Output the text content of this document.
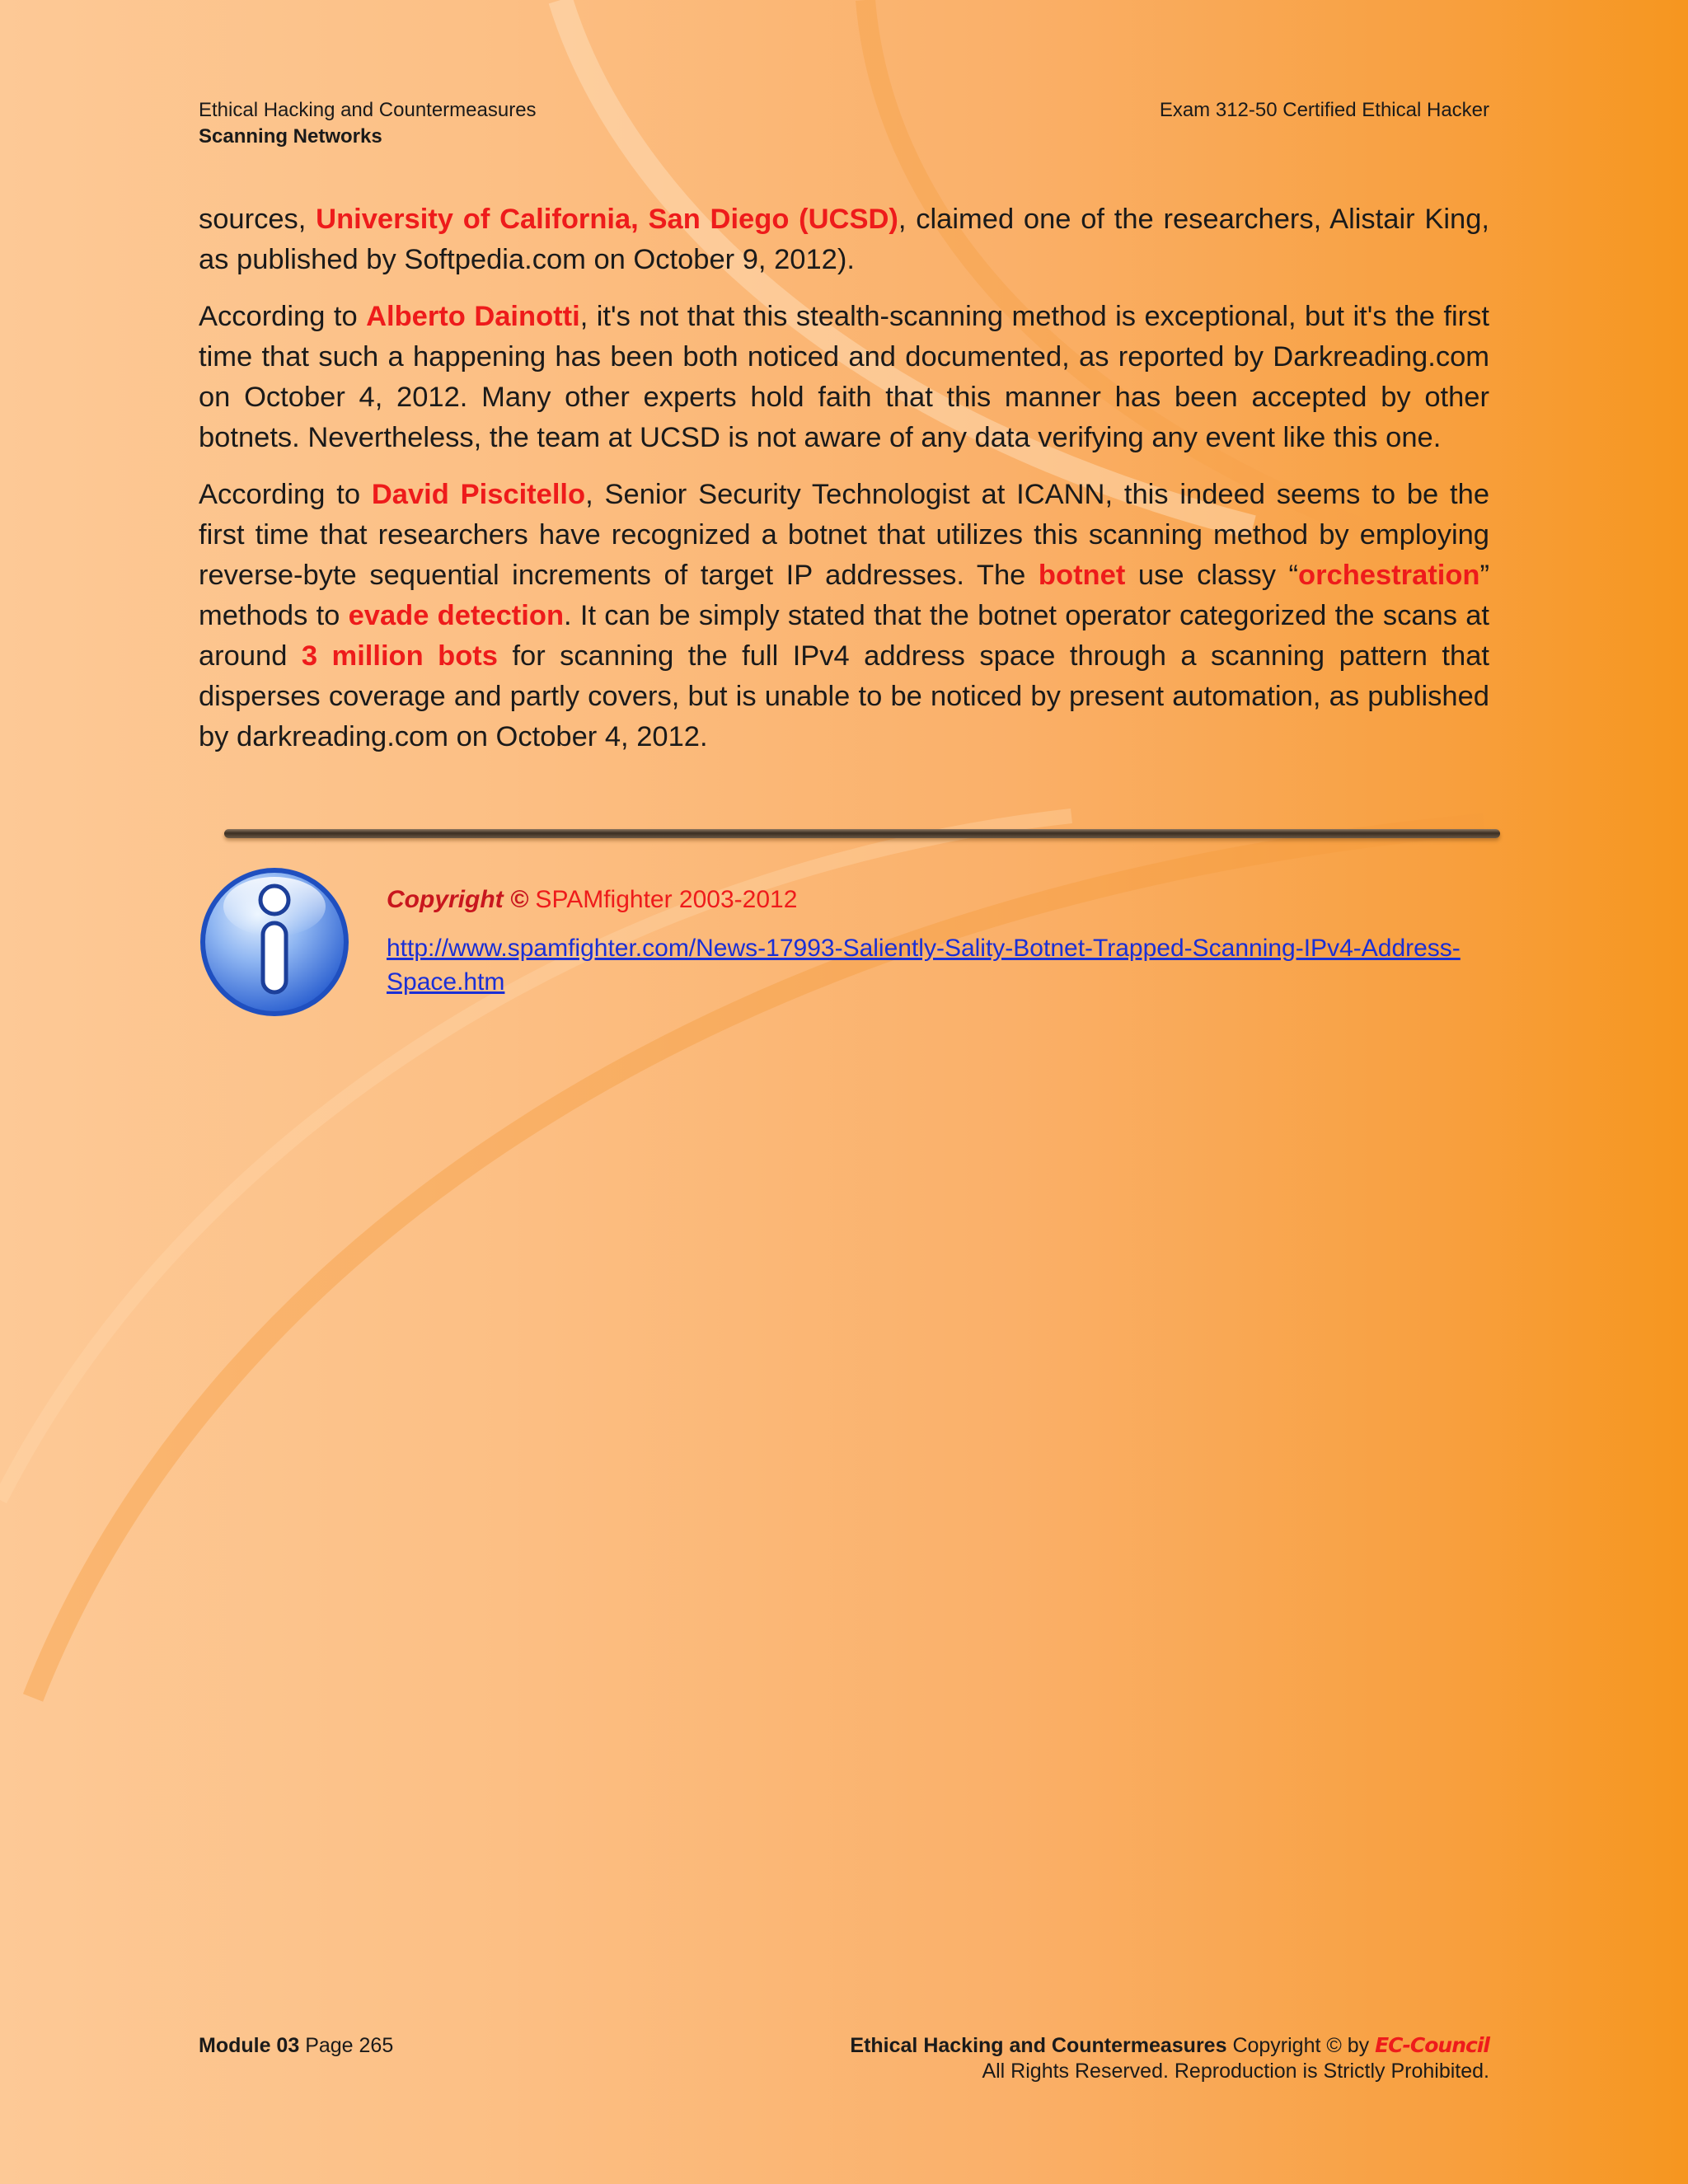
Ethical Hacking and Countermeasures
Scanning Networks
Exam 312-50 Certified Ethical Hacker

sources, University of California, San Diego (UCSD), claimed one of the researchers, Alistair King, as published by Softpedia.com on October 9, 2012).

According to Alberto Dainotti, it's not that this stealth-scanning method is exceptional, but it's the first time that such a happening has been both noticed and documented, as reported by Darkreading.com on October 4, 2012. Many other experts hold faith that this manner has been accepted by other botnets. Nevertheless, the team at UCSD is not aware of any data verifying any event like this one.

According to David Piscitello, Senior Security Technologist at ICANN, this indeed seems to be the first time that researchers have recognized a botnet that utilizes this scanning method by employing reverse-byte sequential increments of target IP addresses. The botnet use classy “orchestration” methods to evade detection. It can be simply stated that the botnet operator categorized the scans at around 3 million bots for scanning the full IPv4 address space through a scanning pattern that disperses coverage and partly covers, but is unable to be noticed by present automation, as published by darkreading.com on October 4, 2012.

Copyright © SPAMfighter 2003-2012
http://www.spamfighter.com/News-17993-Saliently-Sality-Botnet-Trapped-Scanning-IPv4-Address-Space.htm
Module 03 Page 265	Ethical Hacking and Countermeasures Copyright © by EC-Council
All Rights Reserved. Reproduction is Strictly Prohibited.
